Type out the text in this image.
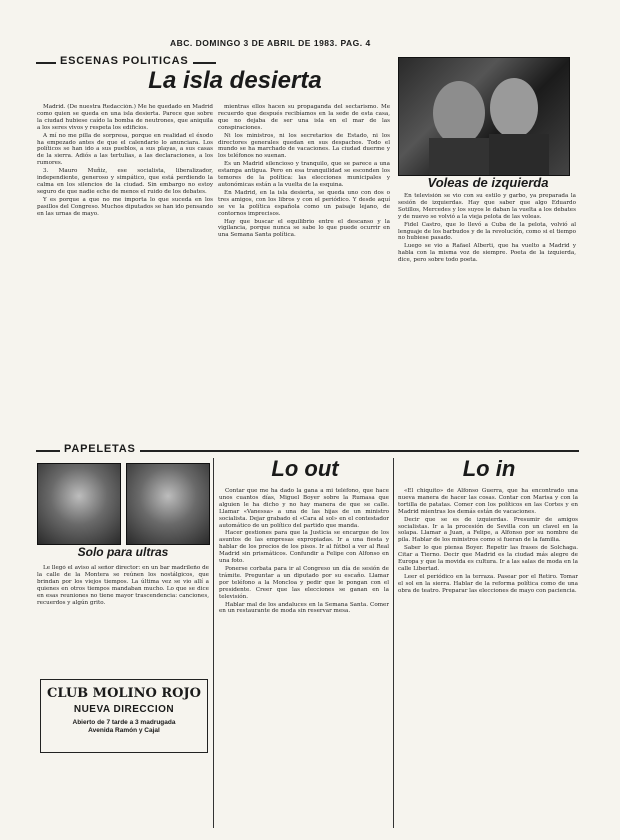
ABC. DOMINGO 3 DE ABRIL DE 1983. PAG. 4
ESCENAS POLITICAS
La isla desierta

Madrid. (De nuestra Redacción.) Me he quedado en Madrid como quien se queda en una isla desierta. Parece que sobre la ciudad hubiese caído la bomba de neutrones, que aniquila a los seres vivos y respeta los edificios.

A mí no me pilla de sorpresa, porque en realidad el éxodo ha empezado antes de que el calendario lo anunciara. Los políticos se han ido a sus pueblos, a sus playas, a sus casas de la sierra. Adiós a las tertulias, a las declaraciones, a los rumores.

3. Mauro Muñiz, ese socialista, liberalizador, independiente, generoso y simpático, que está perdiendo la calma en los silencios de la ciudad. Sin embargo no estoy seguro de que nadie eche de menos el ruido de los debates.

Y es porque a que no me importa lo que suceda en los pasillos del Congreso. Muchos diputados se han ido pensando en las urnas de mayo.

mientras ellos hacen su propaganda del sectarismo. Me recuerdo que después recibíamos en la sede de esta casa, que no dejaba de ser una isla en el mar de las conspiraciones.

Ni los ministros, ni los secretarios de Estado, ni los directores generales quedan en sus despachos. Todo el mundo se ha marchado de vacaciones. La ciudad duerme y los teléfonos no suenan.

Es un Madrid silencioso y tranquilo, que se parece a una estampa antigua. Pero en esa tranquilidad se esconden los temores de la política: las elecciones municipales y autonómicas están a la vuelta de la esquina.

En Madrid, en la isla desierta, se queda uno con dos o tres amigos, con los libros y con el periódico. Y desde aquí se ve la política española como un paisaje lejano, de contornos imprecisos.

Hay que buscar el equilibrio entre el descanso y la vigilancia, porque nunca se sabe lo que puede ocurrir en una Semana Santa política.

Voleas de izquierda

En televisión se vio con su estilo y garbo, ya preparada la sesión de izquierdas. Hay que saber que algo Eduardo Sotillos, Mercedes y los suyos le daban la vuelta a los debates y de nuevo se volvió a la vieja pelota de las voleas.

Fidel Castro, que lo llevó a Cuba de la pelota, volvió al lenguaje de los barbudos y de la revolución, como si el tiempo no hubiese pasado.

Luego se vio a Rafael Alberti, que ha vuelto a Madrid y habla con la misma voz de siempre. Poeta de la izquierda, dice, pero sobre todo poeta.

PAPELETAS
Solo para ultras

Le llegó el aviso al señor director: en un bar madrileño de la calle de la Montera se reúnen los nostálgicos, que brindan por los viejos tiempos. La última vez se vio allí a quienes en otros tiempos mandaban mucho. Lo que se dice en esas reuniones no tiene mayor trascendencia: canciones, recuerdos y algún grito.

CLUB MOLINO ROJO
NUEVA DIRECCION
Abierto de 7 tarde a 3 madrugada
Avenida Ramón y Cajal
Lo out

Contar que me ha dado la gana a mi teléfono, que hace unos cuantos días, Miguel Boyer sobre la Rumasa que alguien le ha dicho y no hay manera de que se calle. Llamar «Vanessa» a una de las hijas de un ministro socialista. Dejar grabado el «Cara al sol» en el contestador automático de un político del partido que manda.

Hacer gestiones para que la Justicia se encargue de los asuntos de las empresas expropiadas. Ir a una fiesta y hablar de los precios de los pisos. Ir al fútbol a ver al Real Madrid sin prismáticos. Confundir a Felipe con Alfonso en una foto.

Ponerse corbata para ir al Congreso un día de sesión de trámite. Preguntar a un diputado por su escaño. Llamar por teléfono a la Moncloa y pedir que le pongan con el presidente. Creer que las elecciones se ganan en la televisión.

Hablar mal de los andaluces en la Semana Santa. Comer en un restaurante de moda sin reservar mesa.

Lo in

«El chiquito» de Alfonso Guerra, que ha encontrado una nueva manera de hacer las cosas. Contar con Marisa y con la tortilla de patatas. Comer con los políticos en las Cortes y en Madrid mientras los demás están de vacaciones.

Decir que se es de izquierdas. Presumir de amigos socialistas. Ir a la procesión de Sevilla con un clavel en la solapa. Llamar a Juan, a Felipe, a Alfonso por su nombre de pila. Hablar de los ministros como si fueran de la familia.

Saber lo que piensa Boyer. Repetir las frases de Solchaga. Citar a Tierno. Decir que Madrid es la ciudad más alegre de Europa y que la movida es cultura. Ir a las salas de moda en la calle Libertad.

Leer el periódico en la terraza. Pasear por el Retiro. Tomar el sol en la sierra. Hablar de la reforma política como de una obra de teatro. Preparar las elecciones de mayo con paciencia.
